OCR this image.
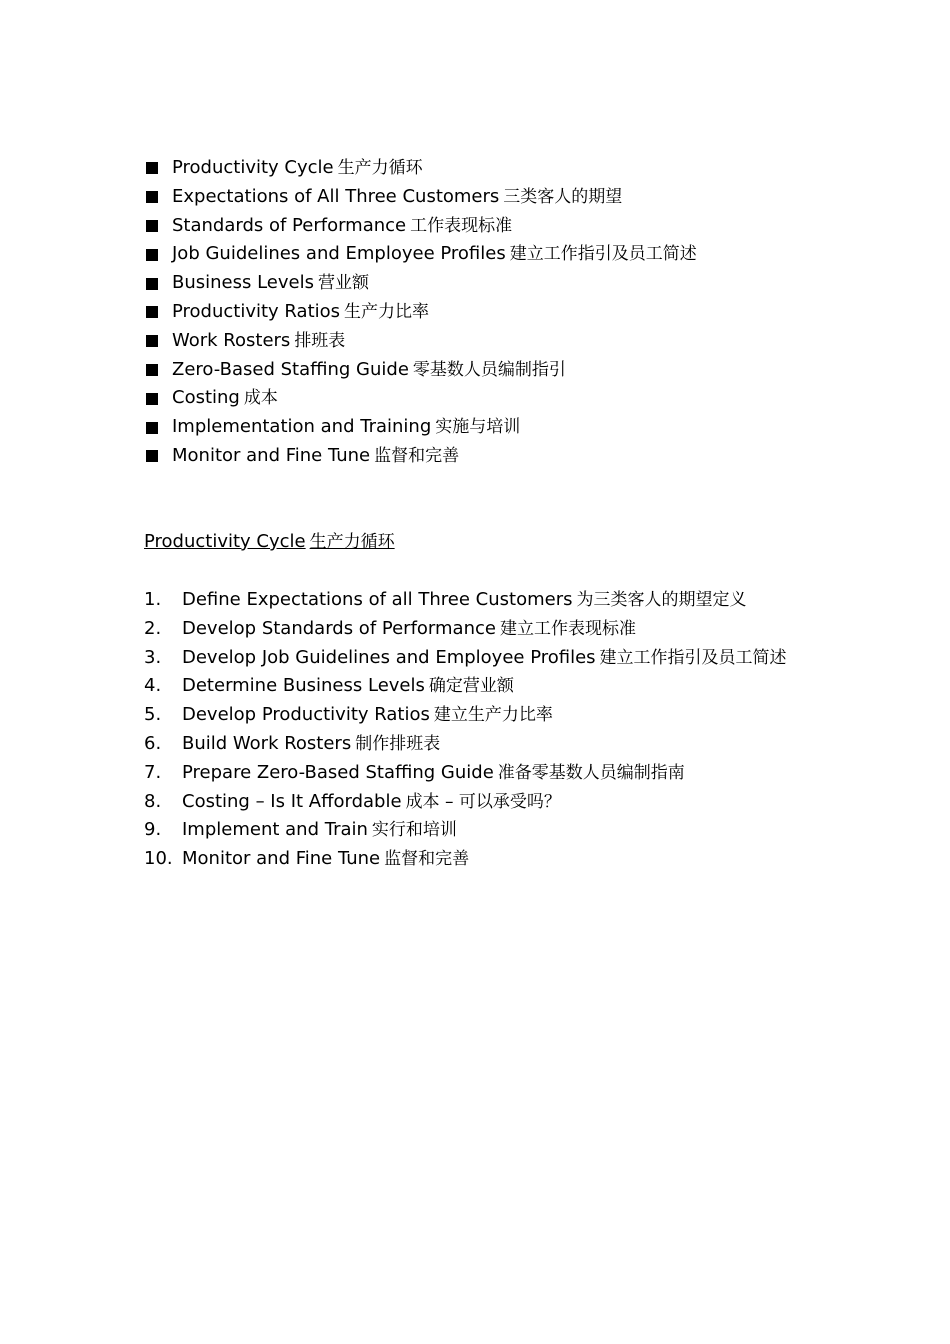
Productivity Cycle 生产力循环
Expectations of All Three Customers 三类客人的期望
Standards of Performance 工作表现标准
Job Guidelines and Employee Profiles 建立工作指引及员工简述
Business Levels 营业额
Productivity Ratios 生产力比率
Work Rosters 排班表
Zero-Based Staffing Guide 零基数人员编制指引
Costing 成本
Implementation and Training 实施与培训
Monitor and Fine Tune 监督和完善
Productivity Cycle 生产力循环
1.	Define Expectations of all Three Customers 为三类客人的期望定义
2.	Develop Standards of Performance 建立工作表现标准
3.	Develop Job Guidelines and Employee Profiles 建立工作指引及员工简述
4.	Determine Business Levels 确定营业额
5.	Develop Productivity Ratios 建立生产力比率
6.	Build Work Rosters 制作排班表
7.	Prepare Zero-Based Staffing Guide 准备零基数人员编制指南
8.	Costing – Is It Affordable 成本 – 可以承受吗？
9.	Implement and Train 实行和培训
10. Monitor and Fine Tune 监督和完善
